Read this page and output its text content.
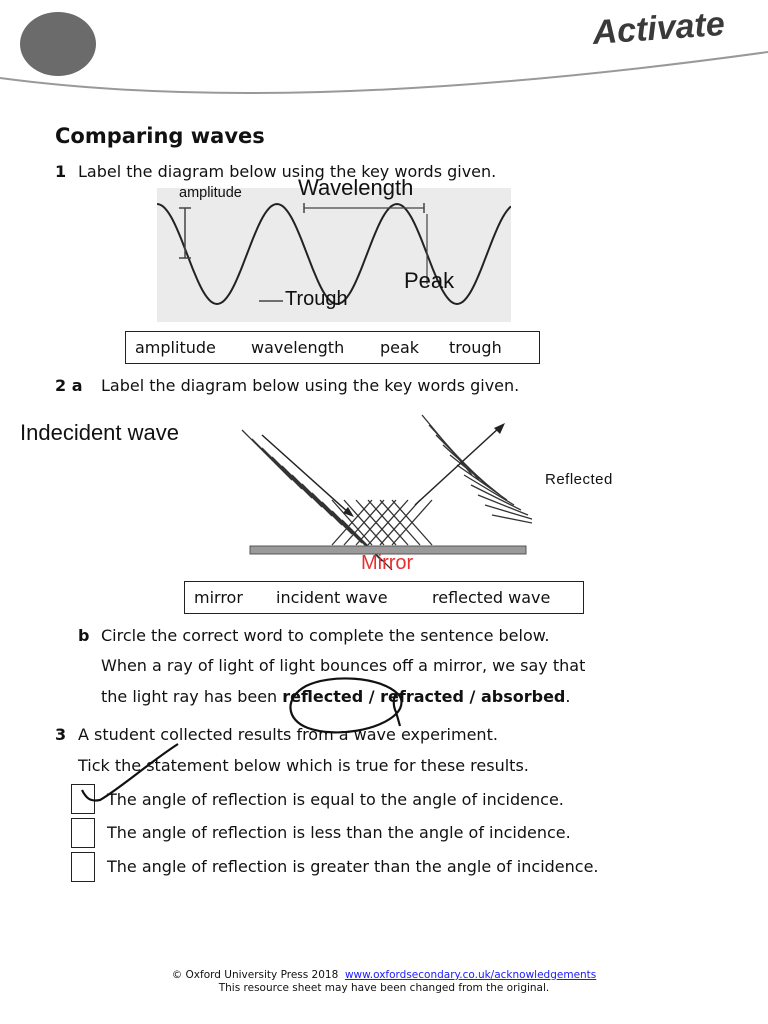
Activate
Comparing waves
1 Label the diagram below using the key words given.
amplitude	Wavelength
Peak
Trough
amplitude wavelength peak trough
2 a Label the diagram below using the key words given.
Indecident wave
Reflected
Mirror
mirror incident wave	reflected wave
b Circle the correct word to complete the sentence below.
When a ray of light of light bounces off a mirror, we say that
the light ray has been reflected / refracted / absorbed.
3 A student collected results from a wave experiment.
Tick the statement below which is true for these results.
The angle of reflection is equal to the angle of incidence.
The angle of reflection is less than the angle of incidence.
The angle of reflection is greater than the angle of incidence.
© Oxford University Press 2018 www.oxfordsecondary.co.uk/acknowledgements
This resource sheet may have been changed from the original.
